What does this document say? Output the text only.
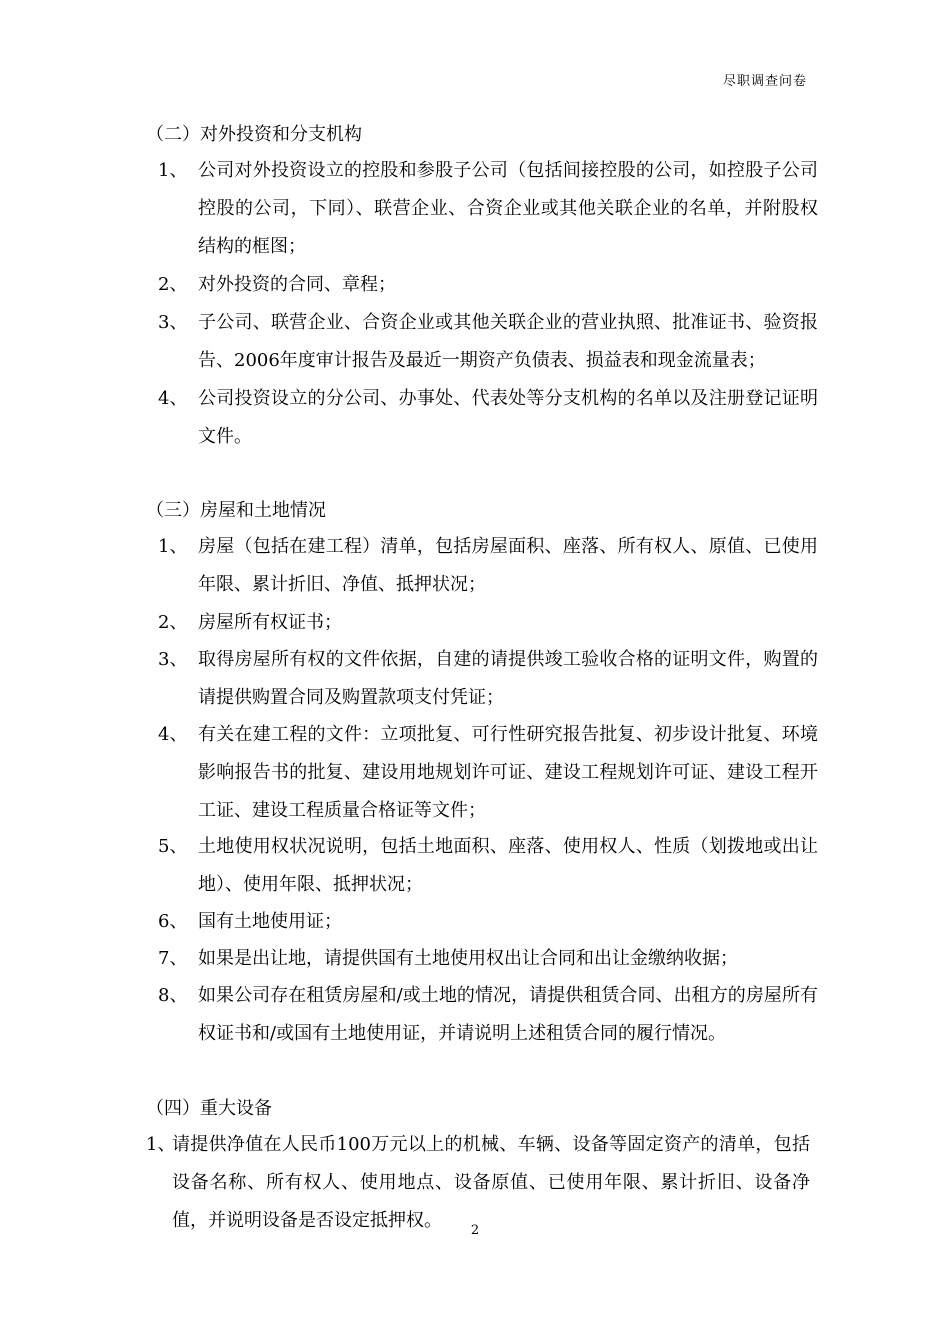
尽职调查问卷
（二）对外投资和分支机构
1、 公司对外投资设立的控股和参股子公司（包括间接控股的公司，如控股子公司控股的公司，下同）、联营企业、合资企业或其他关联企业的名单，并附股权结构的框图；
2、 对外投资的合同、章程；
3、 子公司、联营企业、合资企业或其他关联企业的营业执照、批准证书、验资报告、2006年度审计报告及最近一期资产负债表、损益表和现金流量表；
4、 公司投资设立的分公司、办事处、代表处等分支机构的名单以及注册登记证明文件。
（三）房屋和土地情况
1、 房屋（包括在建工程）清单，包括房屋面积、座落、所有权人、原值、已使用年限、累计折旧、净值、抵押状况；
2、 房屋所有权证书；
3、 取得房屋所有权的文件依据，自建的请提供竣工验收合格的证明文件，购置的请提供购置合同及购置款项支付凭证；
4、 有关在建工程的文件：立项批复、可行性研究报告批复、初步设计批复、环境影响报告书的批复、建设用地规划许可证、建设工程规划许可证、建设工程开工证、建设工程质量合格证等文件；
5、 土地使用权状况说明，包括土地面积、座落、使用权人、性质（划拨地或出让地）、使用年限、抵押状况；
6、 国有土地使用证；
7、 如果是出让地，请提供国有土地使用权出让合同和出让金缴纳收据；
8、 如果公司存在租赁房屋和/或土地的情况，请提供租赁合同、出租方的房屋所有权证书和/或国有土地使用证，并请说明上述租赁合同的履行情况。
（四）重大设备
1、
请提供净值在人民币100万元以上的机械、车辆、设备等固定资产的清单，包括设备名称、所有权人、使用地点、设备原值、已使用年限、累计折旧、设备净值，并说明设备是否设定抵押权。	2
